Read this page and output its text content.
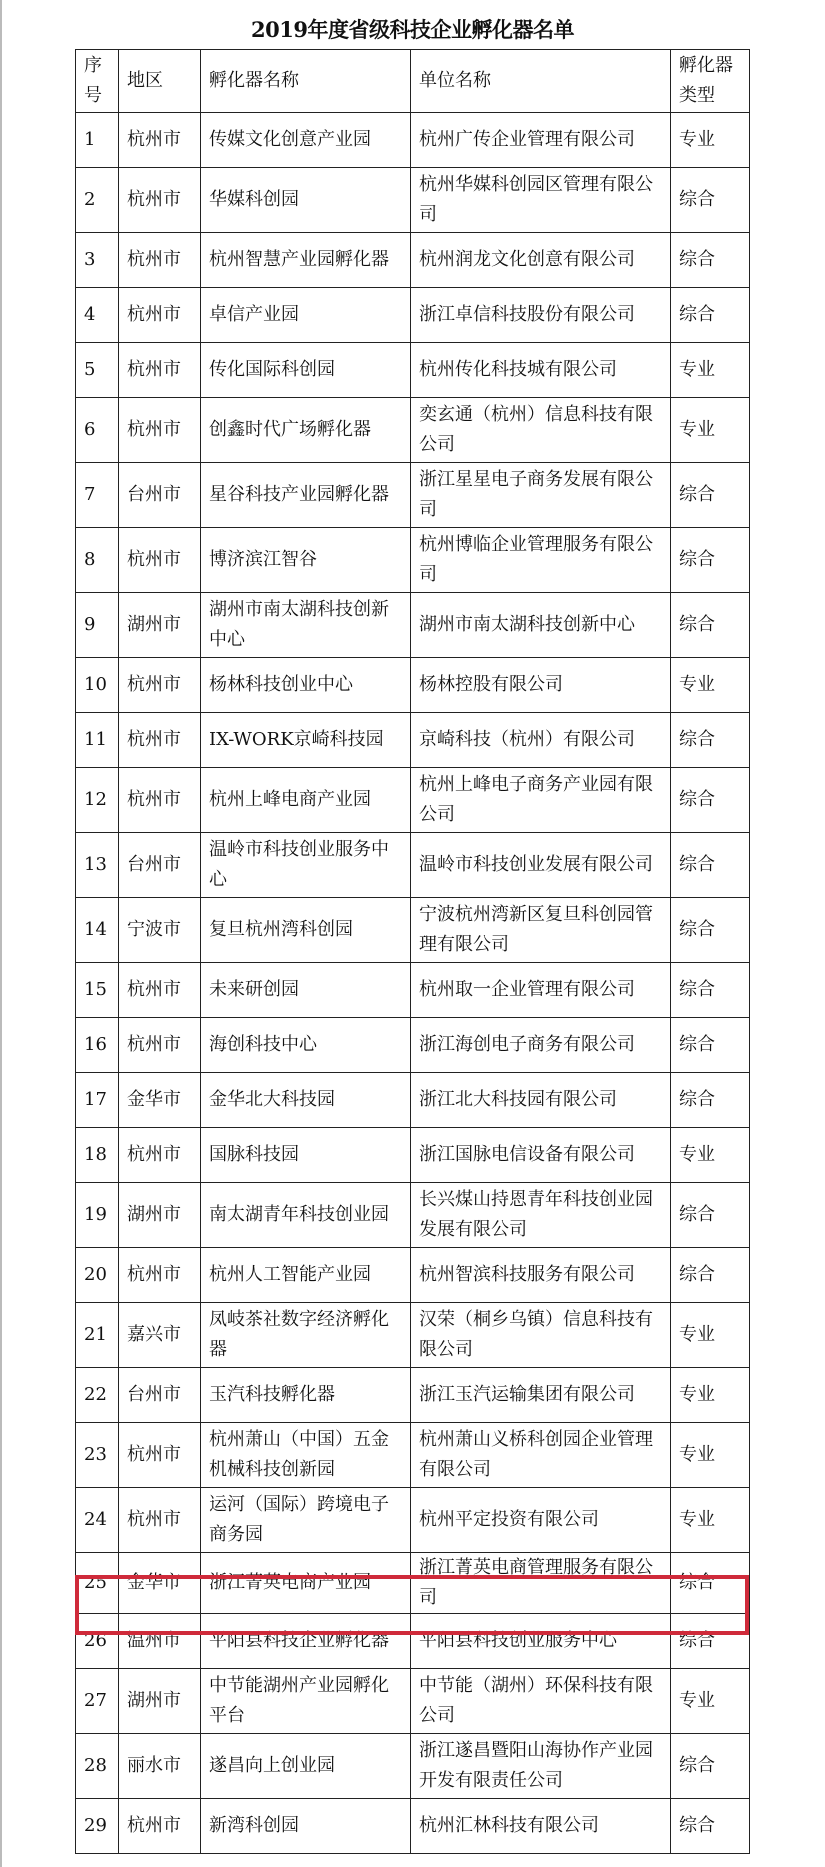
2019年度省级科技企业孵化器名单
序号	地区	孵化器名称	单位名称	孵化器类型
1	杭州市	传媒文化创意产业园	杭州广传企业管理有限公司	专业
2	杭州市	华媒科创园	杭州华媒科创园区管理有限公司	综合
3	杭州市	杭州智慧产业园孵化器	杭州润龙文化创意有限公司	综合
4	杭州市	卓信产业园	浙江卓信科技股份有限公司	综合
5	杭州市	传化国际科创园	杭州传化科技城有限公司	专业
6	杭州市	创鑫时代广场孵化器	奕玄通（杭州）信息科技有限公司	专业
7	台州市	星谷科技产业园孵化器	浙江星星电子商务发展有限公司	综合
8	杭州市	博济滨江智谷	杭州博临企业管理服务有限公司	综合
9	湖州市	湖州市南太湖科技创新中心	湖州市南太湖科技创新中心	综合
10	杭州市	杨林科技创业中心	杨林控股有限公司	专业
11	杭州市	IX-WORK京崎科技园	京崎科技（杭州）有限公司	综合
12	杭州市	杭州上峰电商产业园	杭州上峰电子商务产业园有限公司	综合
13	台州市	温岭市科技创业服务中心	温岭市科技创业发展有限公司	综合
14	宁波市	复旦杭州湾科创园	宁波杭州湾新区复旦科创园管理有限公司	综合
15	杭州市	未来研创园	杭州取一企业管理有限公司	综合
16	杭州市	海创科技中心	浙江海创电子商务有限公司	综合
17	金华市	金华北大科技园	浙江北大科技园有限公司	综合
18	杭州市	国脉科技园	浙江国脉电信设备有限公司	专业
19	湖州市	南太湖青年科技创业园	长兴煤山持恩青年科技创业园发展有限公司	综合
20	杭州市	杭州人工智能产业园	杭州智滨科技服务有限公司	综合
21	嘉兴市	凤岐茶社数字经济孵化器	汉荣（桐乡乌镇）信息科技有限公司	专业
22	台州市	玉汽科技孵化器	浙江玉汽运输集团有限公司	专业
23	杭州市	杭州萧山（中国）五金机械科技创新园	杭州萧山义桥科创园企业管理有限公司	专业
24	杭州市	运河（国际）跨境电子商务园	杭州平定投资有限公司	专业
25	金华市	浙江菁英电商产业园	浙江菁英电商管理服务有限公司	综合
26	温州市	平阳县科技企业孵化器	平阳县科技创业服务中心	综合
27	湖州市	中节能湖州产业园孵化平台	中节能（湖州）环保科技有限公司	专业
28	丽水市	遂昌向上创业园	浙江遂昌暨阳山海协作产业园开发有限责任公司	综合
29	杭州市	新湾科创园	杭州汇林科技有限公司	综合
